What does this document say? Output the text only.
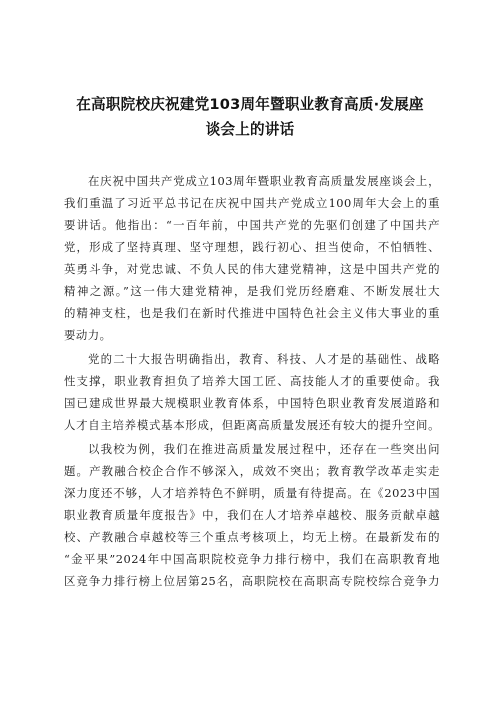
在高职院校庆祝建党103周年暨职业教育高质·发展座
谈会上的讲话
在庆祝中国共产党成立103周年暨职业教育高质量发展座谈会上，
我们重温了习近平总书记在庆祝中国共产党成立100周年大会上的重
要讲话。他指出：“一百年前，中国共产党的先驱们创建了中国共产
党，形成了坚持真理、坚守理想，践行初心、担当使命，不怕牺牲、
英勇斗争，对党忠诚、不负人民的伟大建党精神，这是中国共产党的
精神之源。”这一伟大建党精神，是我们党历经磨难、不断发展壮大
的精神支柱，也是我们在新时代推进中国特色社会主义伟大事业的重
要动力。
党的二十大报告明确指出，教育、科技、人才是的基础性、战略
性支撑，职业教育担负了培养大国工匠、高技能人才的重要使命。我
国已建成世界最大规模职业教育体系，中国特色职业教育发展道路和
人才自主培养模式基本形成，但距离高质量发展还有较大的提升空间。
以我校为例，我们在推进高质量发展过程中，还存在一些突出问
题。产教融合校企合作不够深入，成效不突出；教育教学改革走实走
深力度还不够，人才培养特色不鲜明，质量有待提高。在《2023中国
职业教育质量年度报告》中，我们在人才培养卓越校、服务贡献卓越
校、产教融合卓越校等三个重点考核项上，均无上榜。在最新发布的
“金平果”2024年中国高职院校竞争力排行榜中，我们在高职教育地
区竞争力排行榜上位居第25名，高职院校在高职高专院校综合竞争力
